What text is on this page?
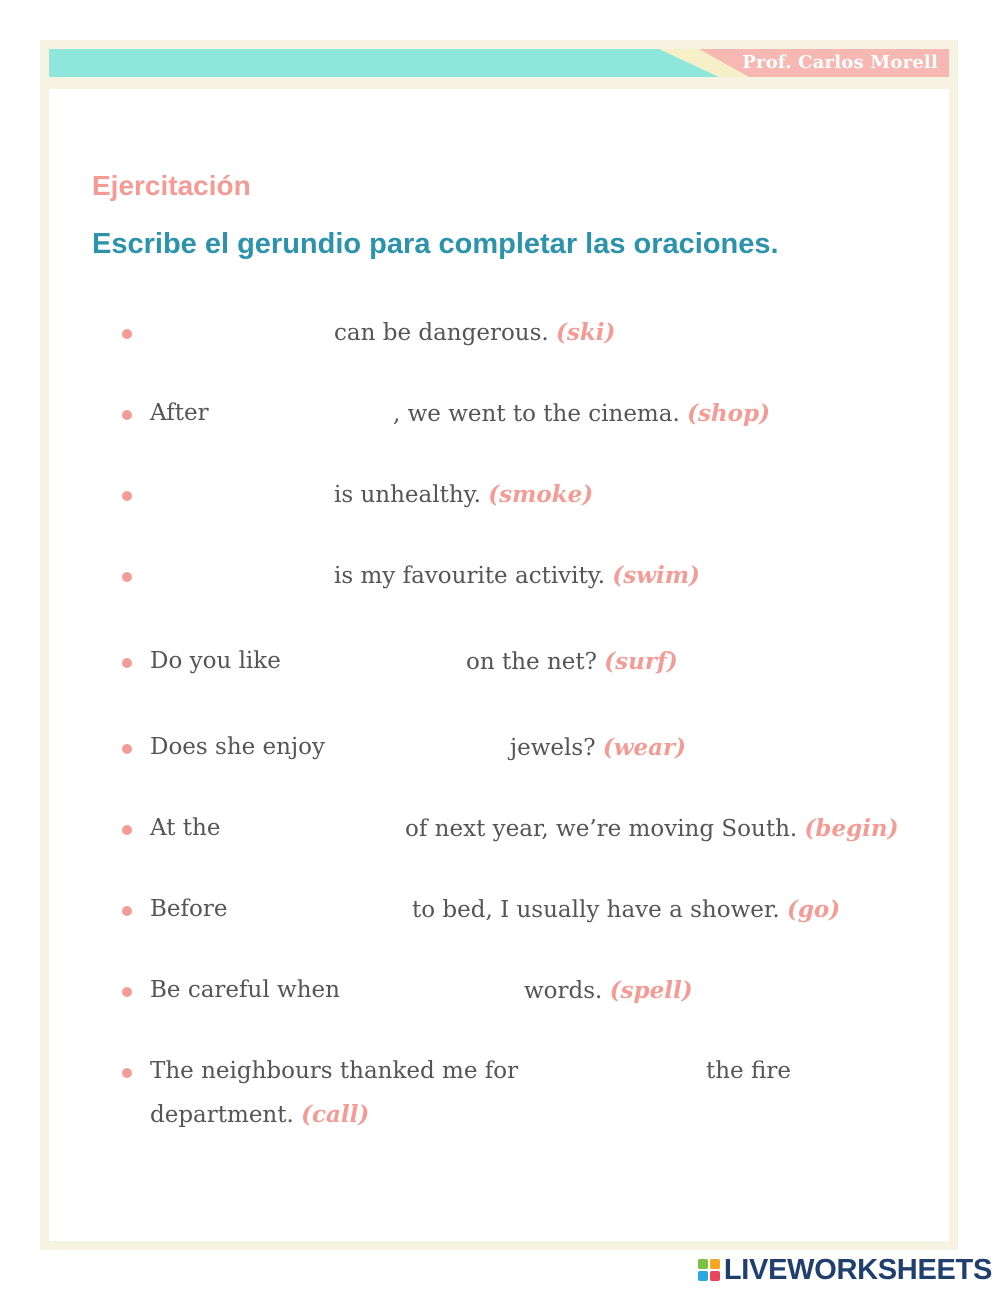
Prof. Carlos Morell
Ejercitación
Escribe el gerundio para completar las oraciones.
can be dangerous. (ski)
After	, we went to the cinema. (shop)
is unhealthy. (smoke)
is my favourite activity. (swim)
Do you like	on the net? (surf)
Does she enjoy	jewels? (wear)
At the	of next year, we’re moving South. (begin)
Before	to bed, I usually have a shower. (go)
Be careful when	words. (spell)
The neighbours thanked me for	the fire
department. (call)
LIVEWORKSHEETS
